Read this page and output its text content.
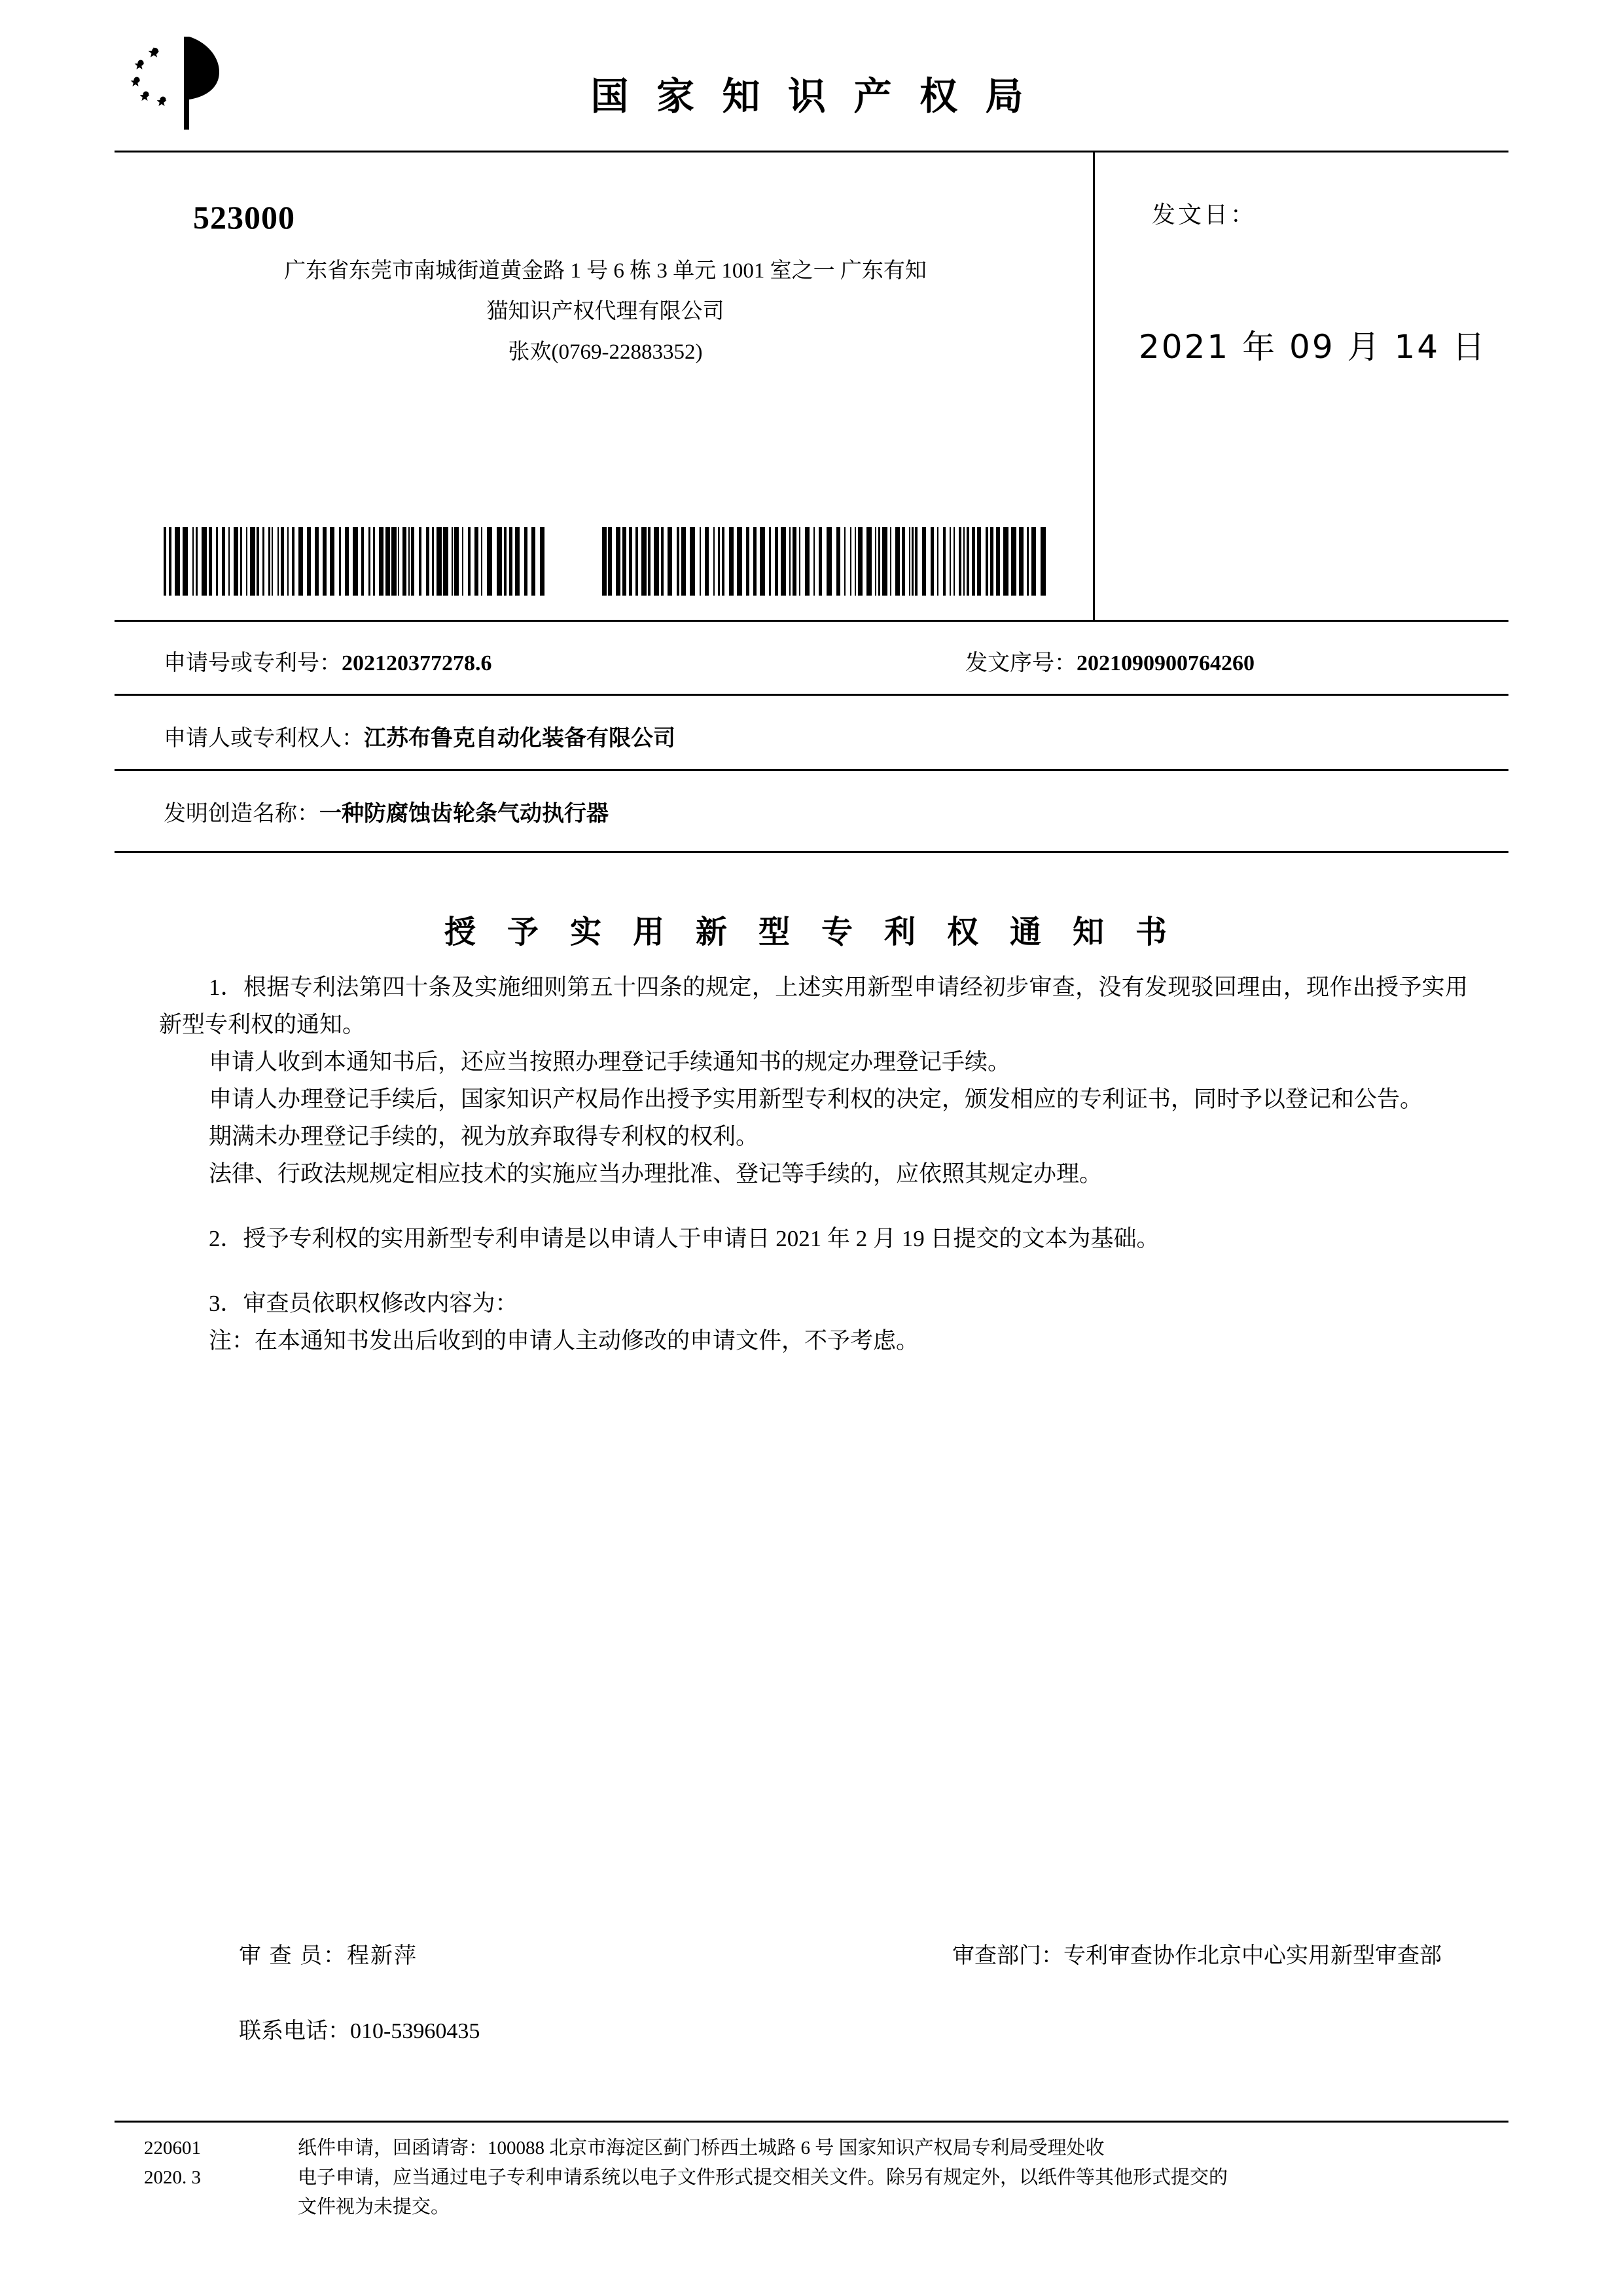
国 家 知 识 产 权 局
523000
广东省东莞市南城街道黄金路 1 号 6 栋 3 单元 1001 室之一 广东有知
猫知识产权代理有限公司
张欢(0769-22883352)
发文日：
2021 年 09 月 14 日
申请号或专利号：202120377278.6	发文序号：2021090900764260
申请人或专利权人：江苏布鲁克自动化装备有限公司
发明创造名称：一种防腐蚀齿轮条气动执行器
授 予 实 用 新 型 专 利 权 通 知 书

1．根据专利法第四十条及实施细则第五十四条的规定，上述实用新型申请经初步审查，没有发现驳回理由，现作出授予实用新型专利权的通知。

申请人收到本通知书后，还应当按照办理登记手续通知书的规定办理登记手续。

申请人办理登记手续后，国家知识产权局作出授予实用新型专利权的决定，颁发相应的专利证书，同时予以登记和公告。

期满未办理登记手续的，视为放弃取得专利权的权利。

法律、行政法规规定相应技术的实施应当办理批准、登记等手续的，应依照其规定办理。

2．授予专利权的实用新型专利申请是以申请人于申请日 2021 年 2 月 19 日提交的文本为基础。

3．审查员依职权修改内容为：

注：在本通知书发出后收到的申请人主动修改的申请文件，不予考虑。

审 查 员：程新萍	审查部门：专利审查协作北京中心实用新型审查部
联系电话：010-53960435
220601
2020. 3

纸件申请，回函请寄：100088 北京市海淀区蓟门桥西土城路 6 号 国家知识产权局专利局受理处收

电子申请，应当通过电子专利申请系统以电子文件形式提交相关文件。除另有规定外，以纸件等其他形式提交的

文件视为未提交。
